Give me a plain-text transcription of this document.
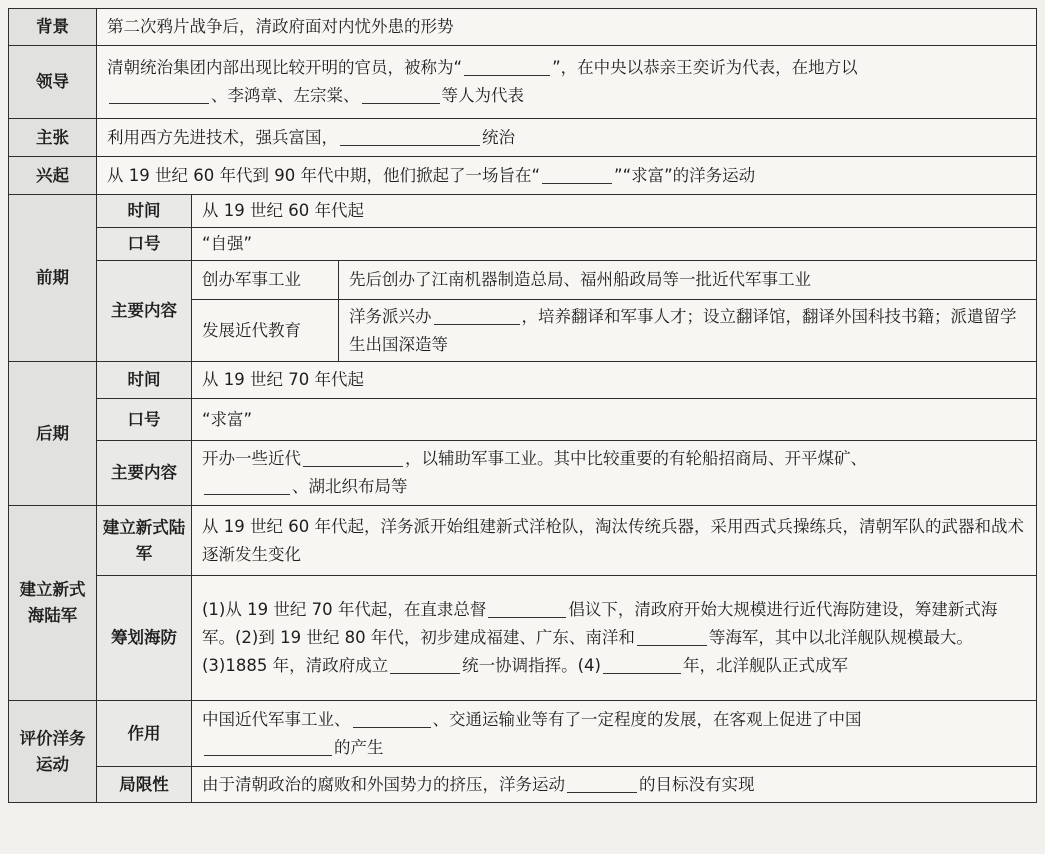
背景	第二次鸦片战争后，清政府面对内忧外患的形势		
领导	清朝统治集团内部出现比较开明的官员，被称为“ ”，在中央以恭亲王奕䜣为代表，在地方以
、李鸿章、左宗棠、 等人为代表		
主张	利用西方先进技术，强兵富国， 统治		
兴起	从 19 世纪 60 年代到 90 年代中期，他们掀起了一场旨在“ ”“求富”的洋务运动		
前期	时间	从 19 世纪 60 年代起	
	口号	“自强”	
	主要内容	创办军事工业	先后创办了江南机器制造总局、福州船政局等一批近代军事工业
		发展近代教育	洋务派兴办 ，培养翻译和军事人才；设立翻译馆，翻译外国科技书籍；派遣留学生出国深造等
后期	时间	从 19 世纪 70 年代起	
	口号	“求富”	
	主要内容	开办一些近代 ，以辅助军事工业。其中比较重要的有轮船招商局、开平煤矿、
、湖北织布局等	
建立新式海陆军	建立新式陆军	从 19 世纪 60 年代起，洋务派开始组建新式洋枪队，淘汰传统兵器，采用西式兵操练兵，清朝军队的武器和战术逐渐发生变化	
	筹划海防	(1)从 19 世纪 70 年代起，在直隶总督 倡议下，清政府开始大规模进行近代海防建设，筹建新式海军。(2)到 19 世纪 80 年代，初步建成福建、广东、南洋和 等海军，其中以北洋舰队规模最大。(3)1885 年，清政府成立 统一协调指挥。(4) 年，北洋舰队正式成军	
评价洋务运动	作用	中国近代军事工业、 、交通运输业等有了一定程度的发展，在客观上促进了中国
的产生	
	局限性	由于清朝政治的腐败和外国势力的挤压，洋务运动 的目标没有实现	
